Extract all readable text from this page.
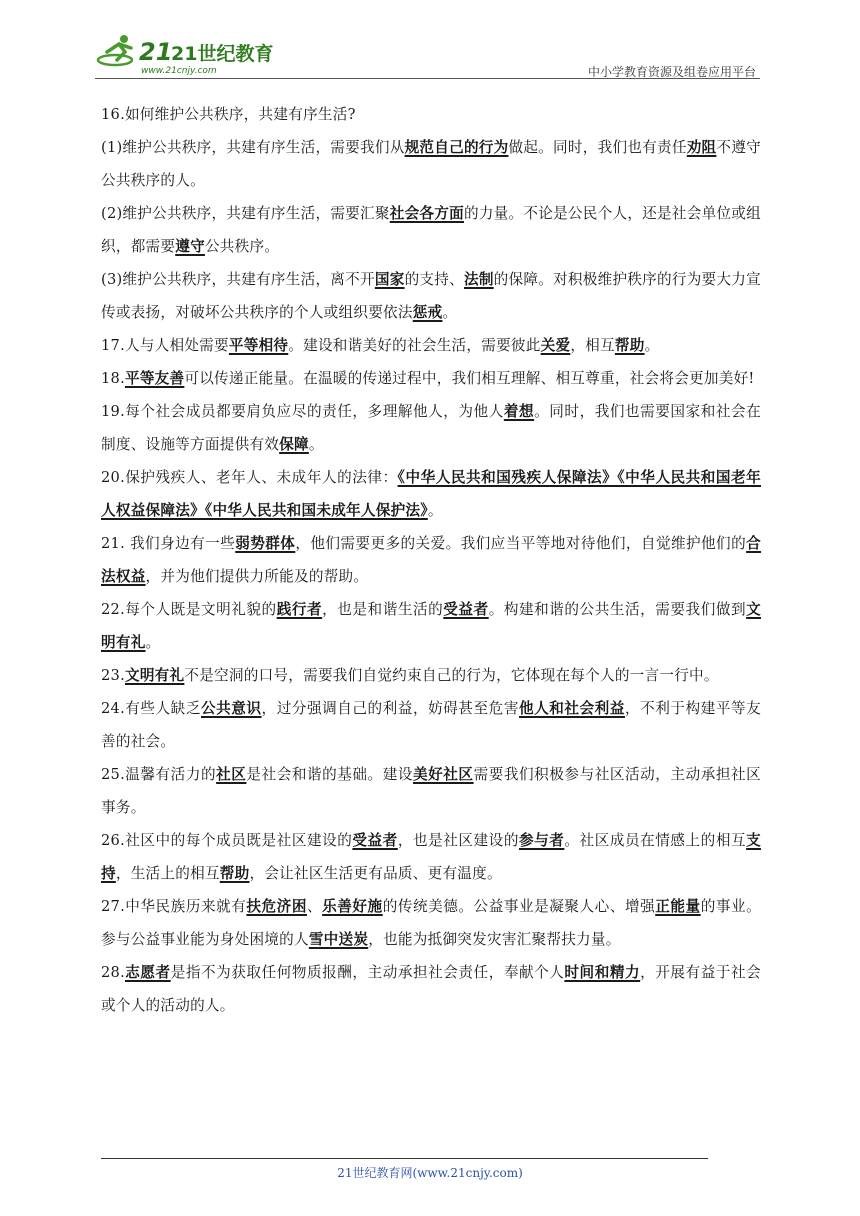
21
21世纪教育
www.21cnjy.com	中小学教育资源及组卷应用平台

16.如何维护公共秩序，共建有序生活?

(1)维护公共秩序，共建有序生活，需要我们从规范自己的行为做起。同时，我们也有责任劝阻不遵守公共秩序的人。

(2)维护公共秩序，共建有序生活，需要汇聚社会各方面的力量。不论是公民个人，还是社会单位或组织，都需要遵守公共秩序。

(3)维护公共秩序，共建有序生活，离不开国家的支持、法制的保障。对积极维护秩序的行为要大力宣传或表扬，对破坏公共秩序的个人或组织要依法惩戒。

17.人与人相处需要平等相待。建设和谐美好的社会生活，需要彼此关爱，相互帮助。

18.平等友善可以传递正能量。在温暖的传递过程中，我们相互理解、相互尊重，社会将会更加美好!

19.每个社会成员都要肩负应尽的责任，多理解他人，为他人着想。同时，我们也需要国家和社会在制度、设施等方面提供有效保障。

20.保护残疾人、老年人、未成年人的法律：《中华人民共和国残疾人保障法》《中华人民共和国老年人权益保障法》《中华人民共和国未成年人保护法》。

21. 我们身边有一些弱势群体，他们需要更多的关爱。我们应当平等地对待他们，自觉维护他们的合法权益，并为他们提供力所能及的帮助。

22.每个人既是文明礼貌的践行者，也是和谐生活的受益者。构建和谐的公共生活，需要我们做到文明有礼。

23.文明有礼不是空洞的口号，需要我们自觉约束自己的行为，它体现在每个人的一言一行中。

24.有些人缺乏公共意识，过分强调自己的利益，妨碍甚至危害他人和社会利益，不利于构建平等友善的社会。

25.温馨有活力的社区是社会和谐的基础。建设美好社区需要我们积极参与社区活动，主动承担社区事务。

26.社区中的每个成员既是社区建设的受益者，也是社区建设的参与者。社区成员在情感上的相互支持，生活上的相互帮助，会让社区生活更有品质、更有温度。

27.中华民族历来就有扶危济困、乐善好施的传统美德。公益事业是凝聚人心、增强正能量的事业。参与公益事业能为身处困境的人雪中送炭，也能为抵御突发灾害汇聚帮扶力量。

28.志愿者是指不为获取任何物质报酬，主动承担社会责任，奉献个人时间和精力，开展有益于社会或个人的活动的人。

21世纪教育网(www.21cnjy.com)
